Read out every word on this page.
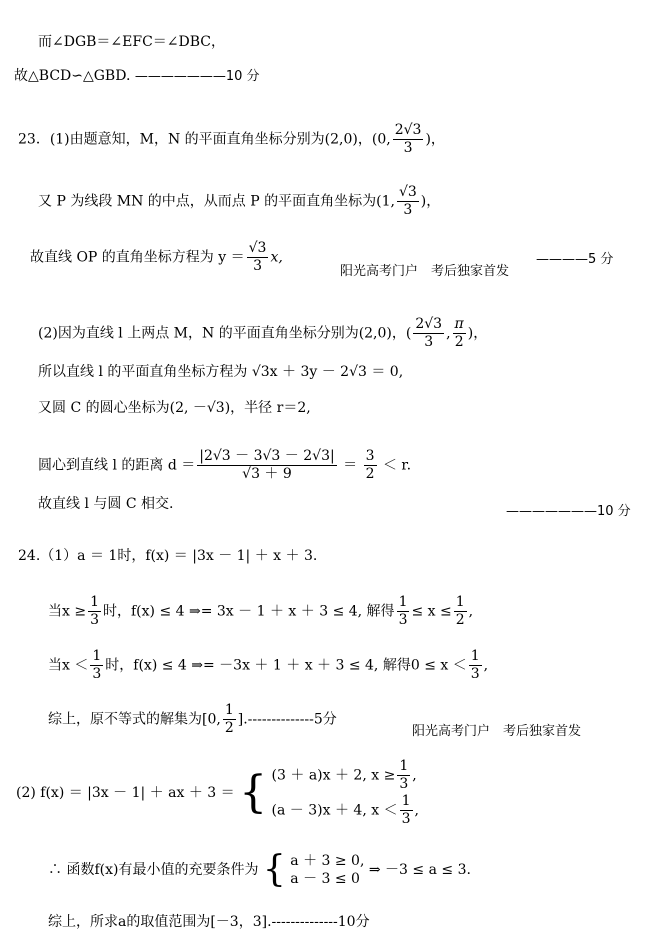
而∠DGB＝∠EFC＝∠DBC，
故△BCD∽△GBD. ———————10 分
23．(1)由题意知，M，N 的平面直角坐标分别为(2,0)，(0, $\frac{2√3}{3}$ )，
又 P 为线段 MN 的中点，从而点 P 的平面直角坐标为(1, $\frac{√3}{3}$ )，
故直线 OP 的直角坐标方程为 $y = \frac{√3}{3} x$,
阳光高考门户　考后独家首发
————5 分
(2)因为直线 l 上两点 M，N 的平面直角坐标分别为(2,0)，( $\frac{2√3}{3}$ , $\frac{\pi}{2}$ )，
所以直线 l 的平面直角坐标方程为 √3x ＋ 3y － 2√3 ＝ 0,
又圆 C 的圆心坐标为(2, －√3)，半径 r＝2,
圆心到直线 l 的距离 $d = \frac{|2√3 - 3√3 - 2√3|}{√3 + 9} = \frac{3}{2} < r$.
故直线 l 与圆 C 相交.	———————10 分
24.（1）a ＝ 1时，f(x) ＝ |3x － 1| ＋ x ＋ 3.
当$x \ge \frac{1}{3}$ 时，f(x) ≤ 4 ⇒= 3x － 1 ＋ x ＋ 3 ≤ 4, 解得 $\frac{1}{3} \le x \le \frac{1}{2}$ ,
当$x < \frac{1}{3}$ 时，f(x) ≤ 4 ⇒= －3x ＋ 1 ＋ x ＋ 3 ≤ 4, 解得$0 \le x < \frac{1}{3}$ ,
综上，原不等式的解集为[0, $\frac{1}{2} ].--------------5$分
阳光高考门户　考后独家首发
(2) f(x) ＝ |3x － 1| ＋ ax ＋ 3 ＝ { (3 ＋ a)x ＋ 2, $x \ge \frac{1}{3}$ ,
(a － 3)x ＋ 4, $x < \frac{1}{3}$ ,
∴ 函数f(x)有最小值的充要条件为 { a ＋ 3 ≥ 0,
a － 3 ≤ 0
⇒ －3 ≤ a ≤ 3.
综上，所求a的取值范围为[－3，3].--------------10分
